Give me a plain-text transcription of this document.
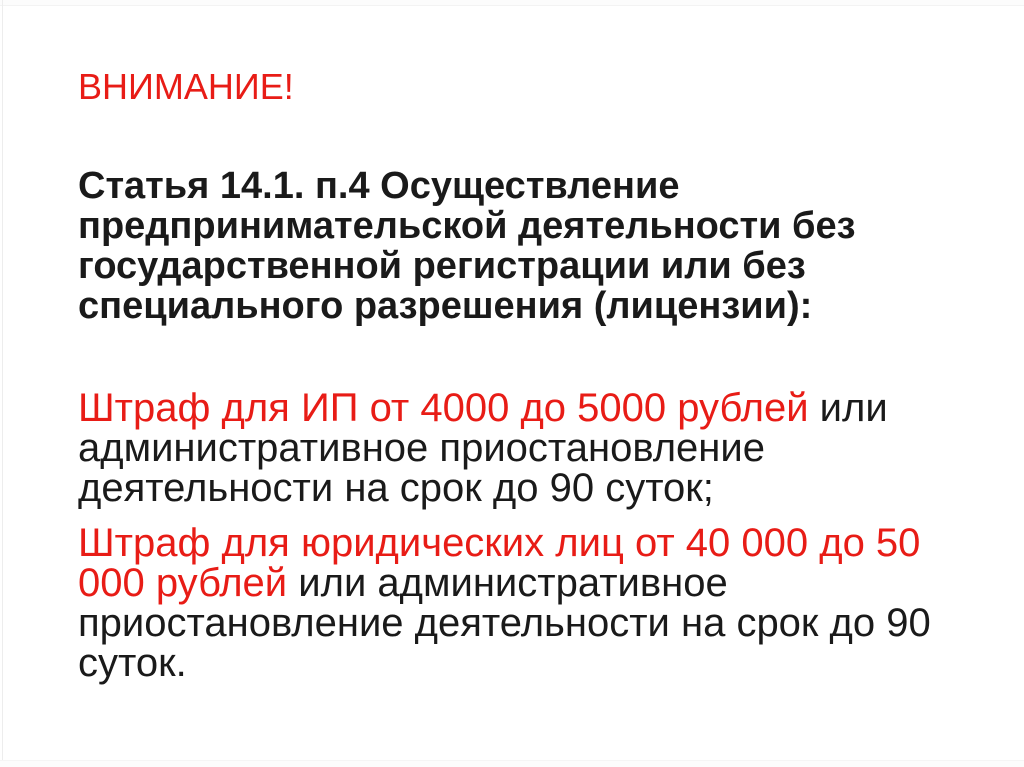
ВНИМАНИЕ!
Статья 14.1. п.4 Осуществление
предпринимательской деятельности без
государственной регистрации или без
специального разрешения (лицензии):
Штраф для ИП от 4000 до 5000 рублей или
административное приостановление
деятельности на срок до 90 суток;
Штраф для юридических лиц от 40 000 до 50
000 рублей или административное
приостановление деятельности на срок до 90
суток.
